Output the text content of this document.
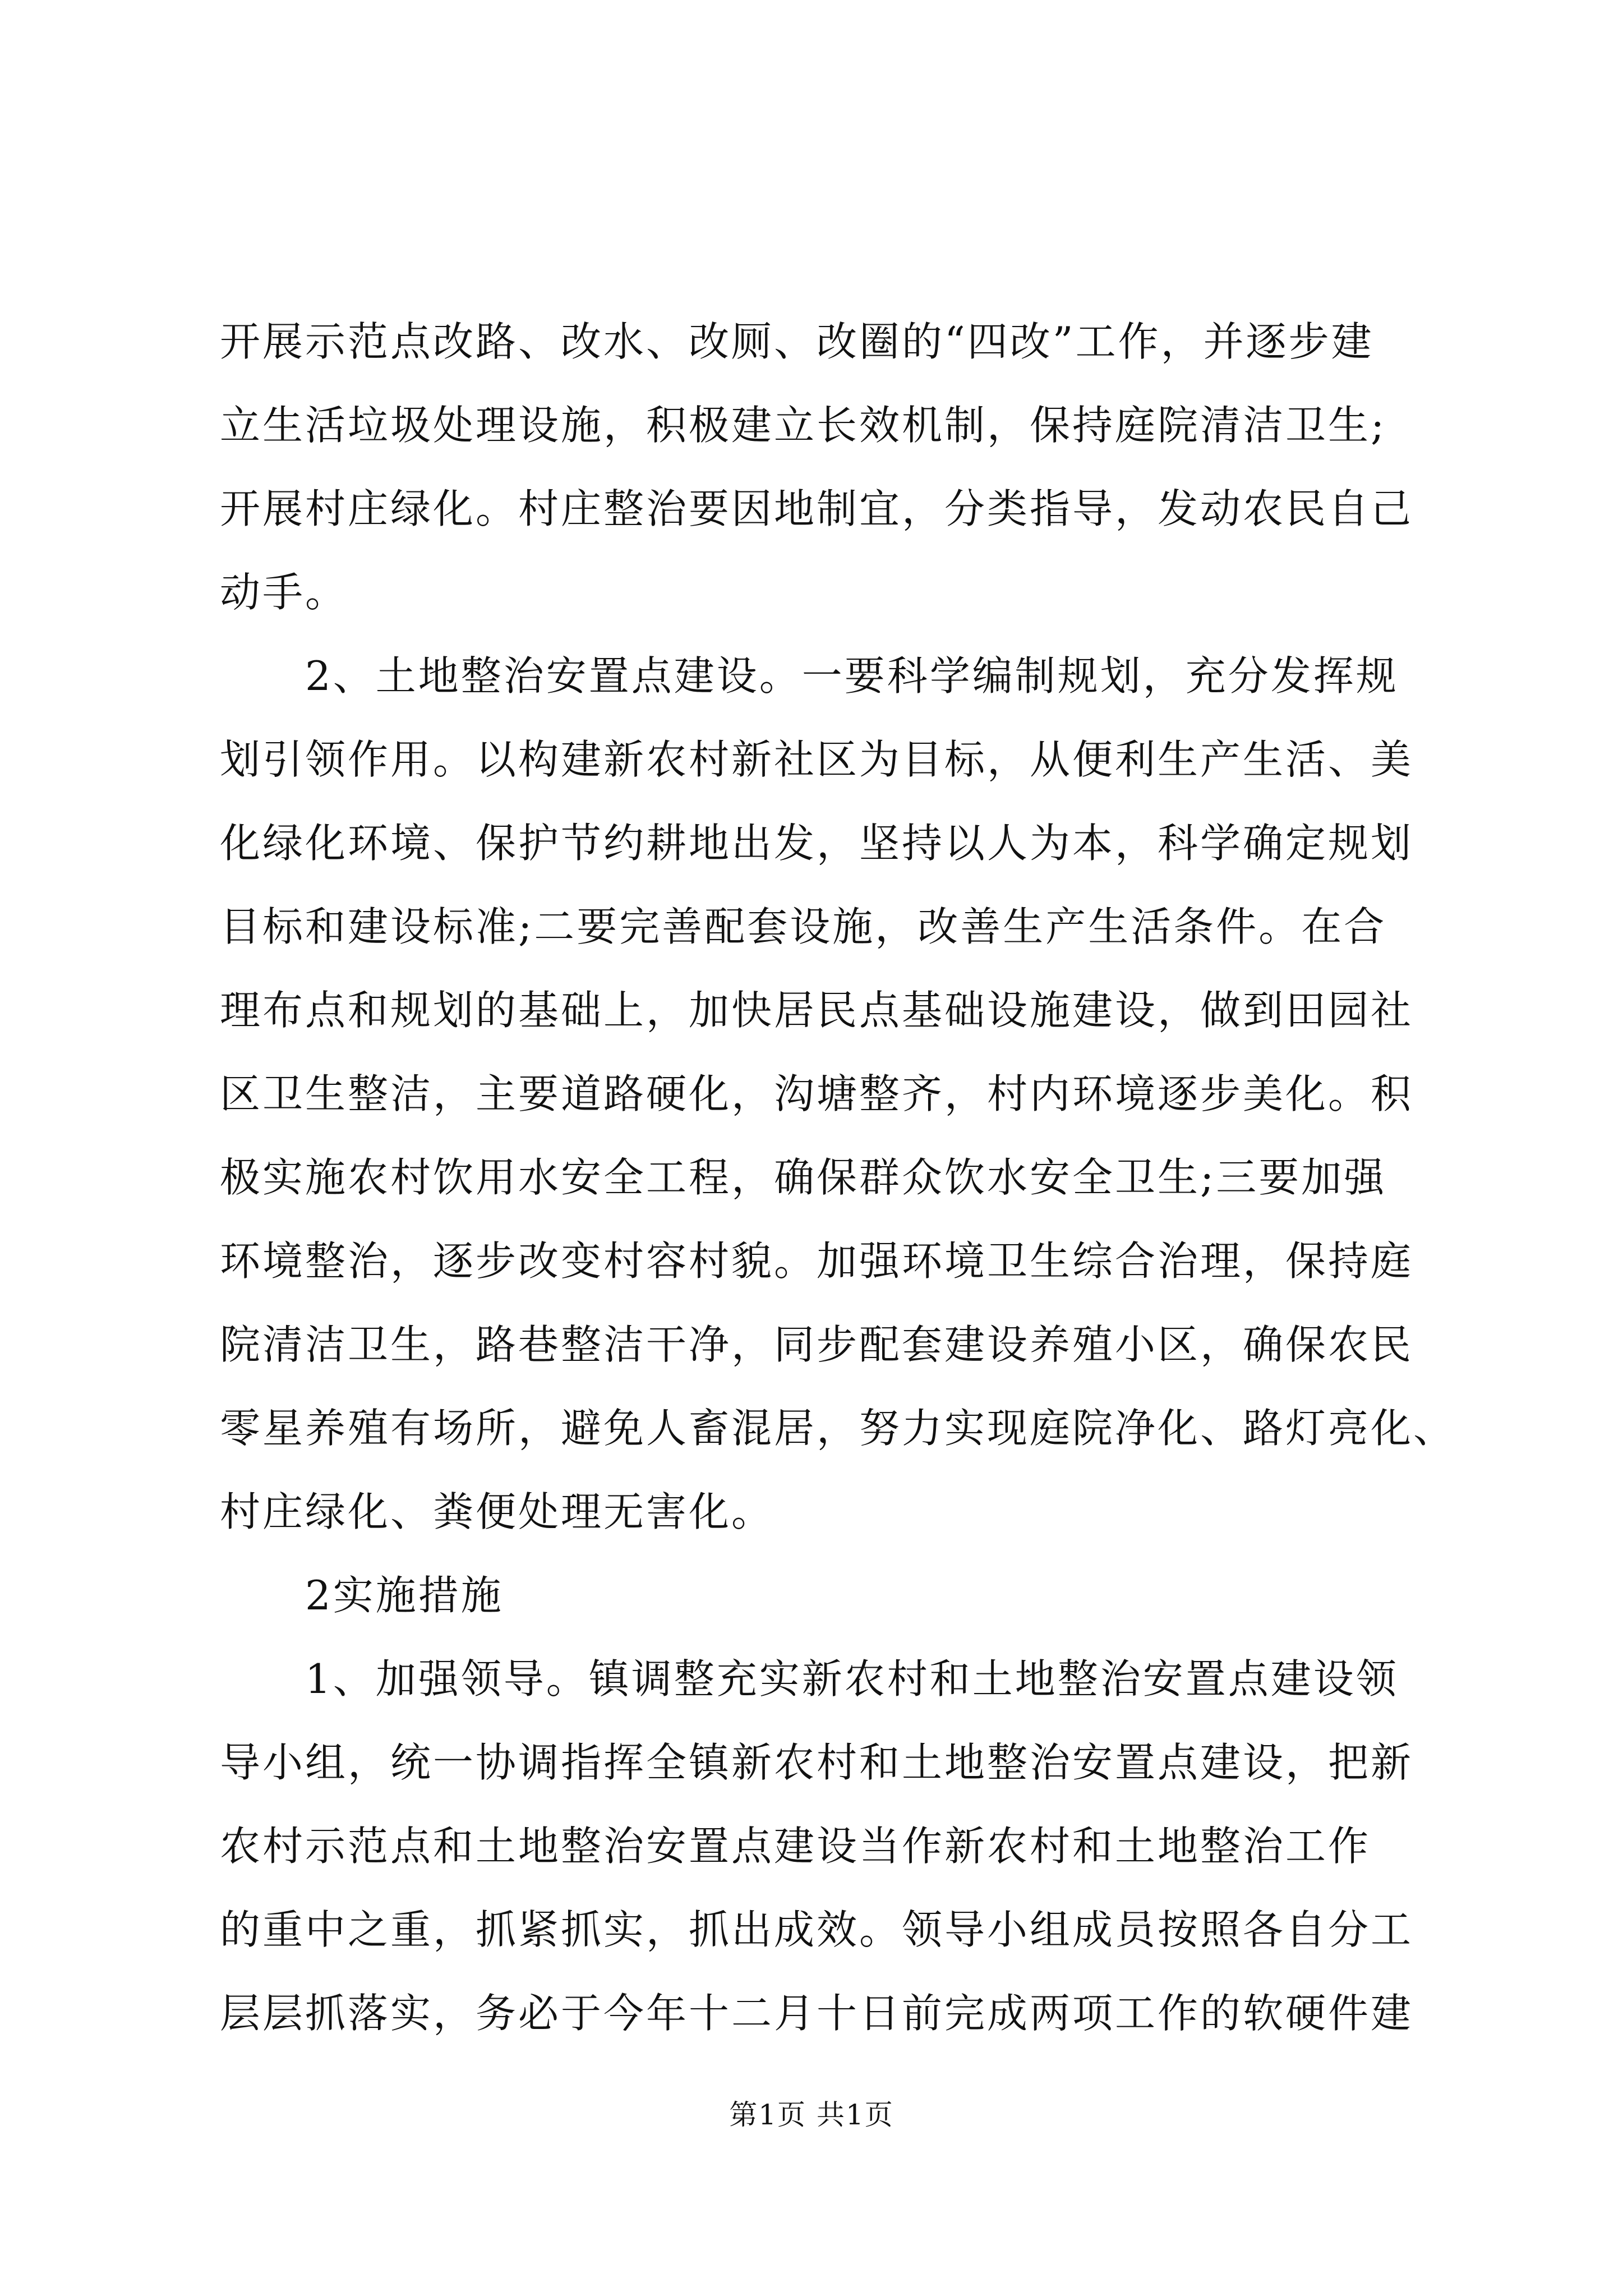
开展示范点改路、改水、改厕、改圈的“四改”工作，并逐步建
立生活垃圾处理设施，积极建立长效机制，保持庭院清洁卫生;
开展村庄绿化。村庄整治要因地制宜，分类指导，发动农民自己
动手。
　　2、土地整治安置点建设。一要科学编制规划，充分发挥规
划引领作用。以构建新农村新社区为目标，从便利生产生活、美
化绿化环境、保护节约耕地出发，坚持以人为本，科学确定规划
目标和建设标准;二要完善配套设施，改善生产生活条件。在合
理布点和规划的基础上，加快居民点基础设施建设，做到田园社
区卫生整洁，主要道路硬化，沟塘整齐，村内环境逐步美化。积
极实施农村饮用水安全工程，确保群众饮水安全卫生;三要加强
环境整治，逐步改变村容村貌。加强环境卫生综合治理，保持庭
院清洁卫生，路巷整洁干净，同步配套建设养殖小区，确保农民
零星养殖有场所，避免人畜混居，努力实现庭院净化、路灯亮化、
村庄绿化、粪便处理无害化。
　　2实施措施
　　1、加强领导。镇调整充实新农村和土地整治安置点建设领
导小组，统一协调指挥全镇新农村和土地整治安置点建设，把新
农村示范点和土地整治安置点建设当作新农村和土地整治工作
的重中之重，抓紧抓实，抓出成效。领导小组成员按照各自分工
层层抓落实，务必于今年十二月十日前完成两项工作的软硬件建
第1页 共1页
